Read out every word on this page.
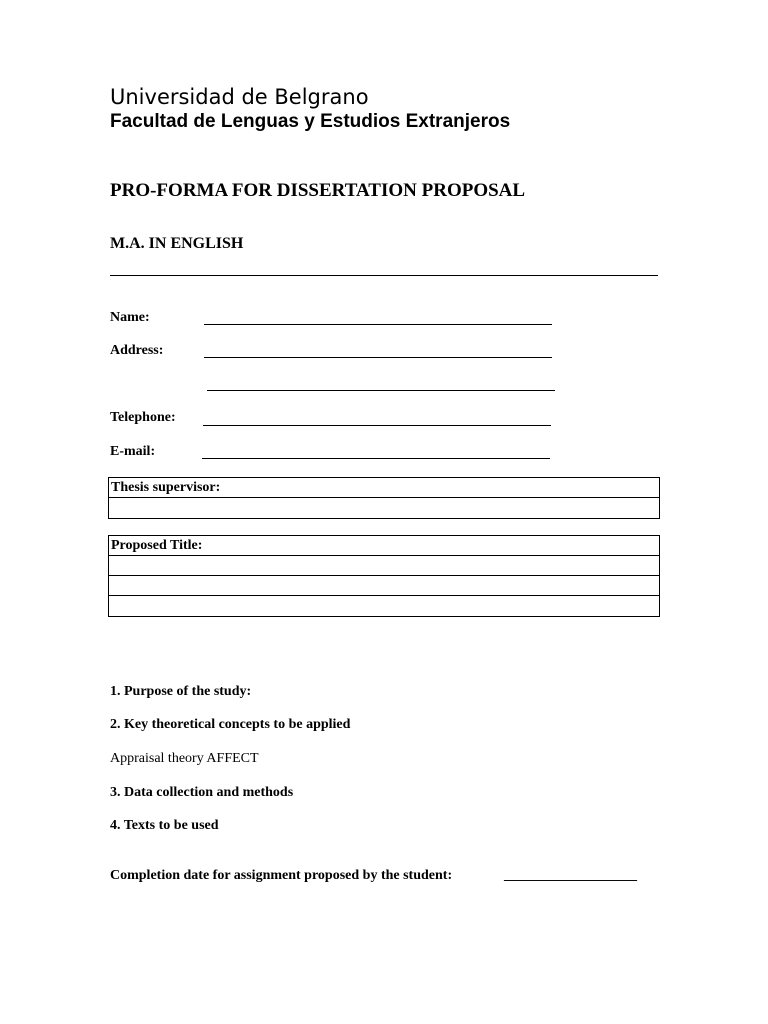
Universidad de Belgrano
Facultad de Lenguas y Estudios Extranjeros
PRO-FORMA FOR DISSERTATION PROPOSAL
M.A. IN ENGLISH
Name:
Address:
Telephone:
E-mail:
Thesis supervisor:
Proposed Title:
1. Purpose of the study:
2. Key theoretical concepts to be applied
Appraisal theory AFFECT
3. Data collection and methods
4. Texts to be used
Completion date for assignment proposed by the student:	___________________
